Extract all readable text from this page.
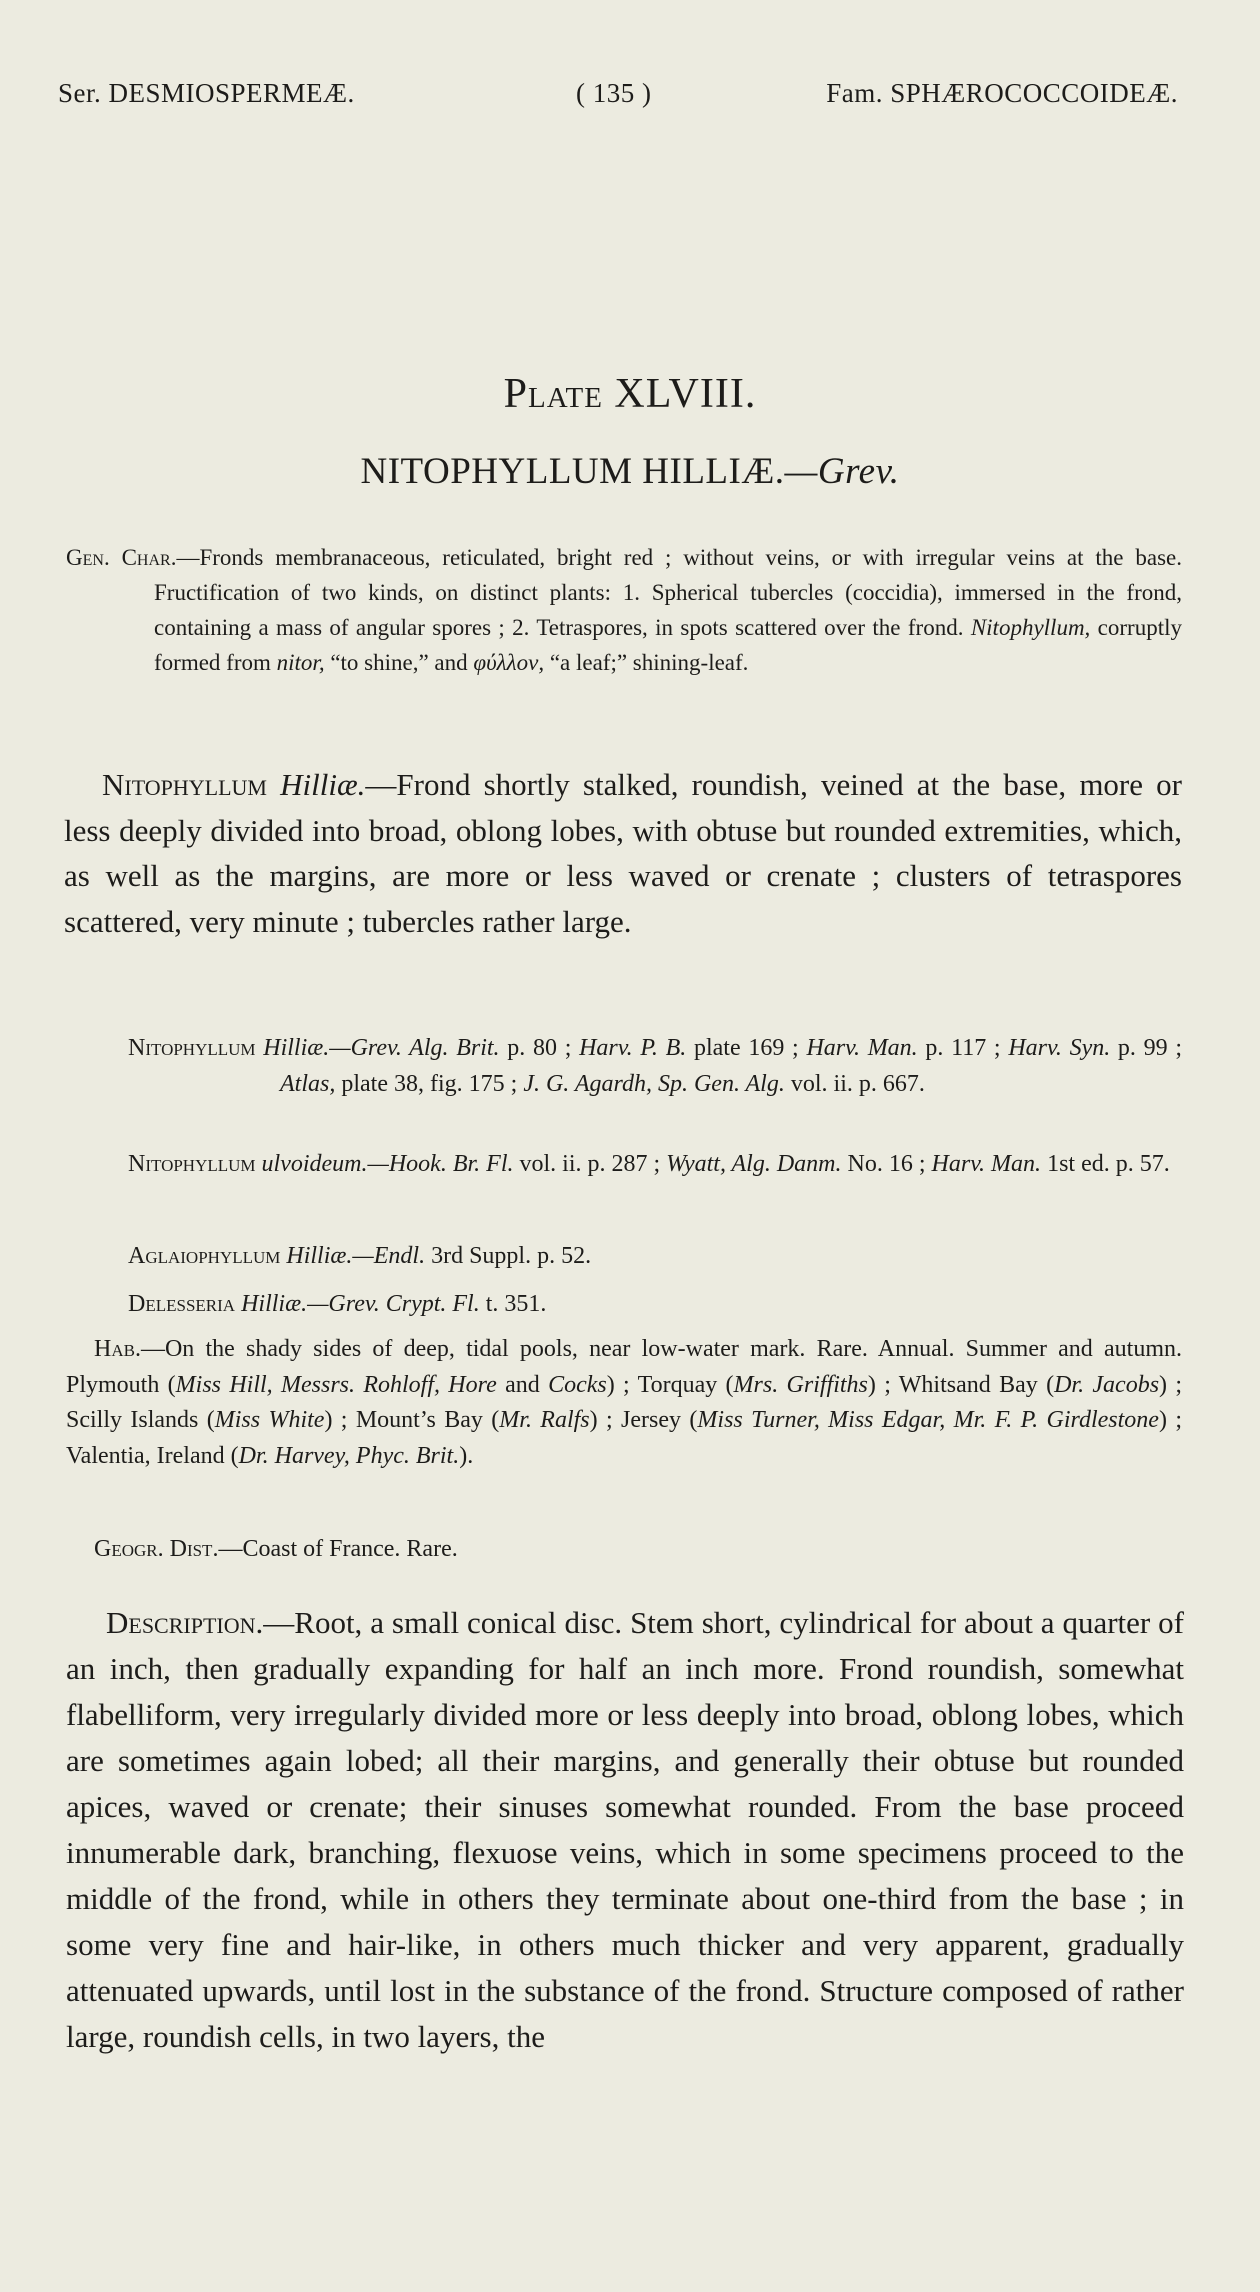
Ser. DESMIOSPERMEÆ.	( 135 )	Fam. SPHÆROCOCCOIDEÆ.
Plate XLVIII.
NITOPHYLLUM HILLIÆ.—Grev.

Gen. Char.—Fronds membranaceous, reticulated, bright red ; without veins, or with irregular veins at the base. Fructification of two kinds, on distinct plants: 1. Spherical tubercles (coccidia), immersed in the frond, containing a mass of angular spores ; 2. Tetraspores, in spots scattered over the frond. Nitophyllum, corruptly formed from nitor, “to shine,” and φύλλον, “a leaf;” shining-leaf.

Nitophyllum Hilliæ.—Frond shortly stalked, roundish, veined at the base, more or less deeply divided into broad, oblong lobes, with obtuse but rounded extremities, which, as well as the margins, are more or less waved or crenate ; clusters of tetraspores scattered, very minute ; tubercles rather large.

Nitophyllum Hilliæ.—Grev. Alg. Brit. p. 80 ; Harv. P. B. plate 169 ; Harv. Man. p. 117 ; Harv. Syn. p. 99 ; Atlas, plate 38, fig. 175 ; J. G. Agardh, Sp. Gen. Alg. vol. ii. p. 667.

Nitophyllum ulvoideum.—Hook. Br. Fl. vol. ii. p. 287 ; Wyatt, Alg. Danm. No. 16 ; Harv. Man. 1st ed. p. 57.

Aglaiophyllum Hilliæ.—Endl. 3rd Suppl. p. 52.

Delesseria Hilliæ.—Grev. Crypt. Fl. t. 351.

Hab.—On the shady sides of deep, tidal pools, near low-water mark. Rare. Annual. Summer and autumn. Plymouth (Miss Hill, Messrs. Rohloff, Hore and Cocks) ; Torquay (Mrs. Griffiths) ; Whitsand Bay (Dr. Jacobs) ; Scilly Islands (Miss White) ; Mount’s Bay (Mr. Ralfs) ; Jersey (Miss Turner, Miss Edgar, Mr. F. P. Girdlestone) ; Valentia, Ireland (Dr. Harvey, Phyc. Brit.).

Geogr. Dist.—Coast of France. Rare.

Description.—Root, a small conical disc. Stem short, cylindrical for about a quarter of an inch, then gradually expanding for half an inch more. Frond roundish, somewhat flabelliform, very irregularly divided more or less deeply into broad, oblong lobes, which are sometimes again lobed; all their margins, and generally their obtuse but rounded apices, waved or crenate; their sinuses somewhat rounded. From the base proceed innumerable dark, branching, flexuose veins, which in some specimens proceed to the middle of the frond, while in others they terminate about one-third from the base ; in some very fine and hair-like, in others much thicker and very apparent, gradually attenuated upwards, until lost in the substance of the frond. Structure composed of rather large, roundish cells, in two layers, the
